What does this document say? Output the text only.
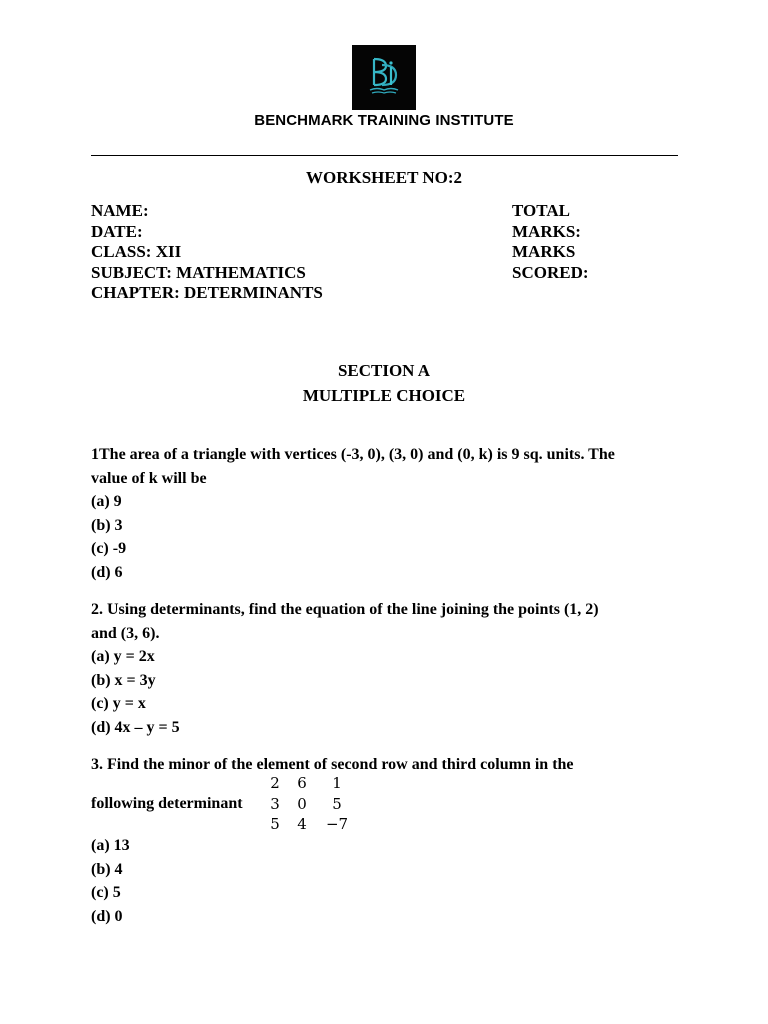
BENCHMARK TRAINING INSTITUTE
WORKSHEET NO:2
NAME:
DATE:
CLASS: XII
SUBJECT: MATHEMATICS
CHAPTER: DETERMINANTS
TOTAL
MARKS:
MARKS
SCORED:
SECTION A
MULTIPLE CHOICE
1The area of a triangle with vertices (-3, 0), (3, 0) and (0, k) is 9 sq. units. The
value of k will be
(a) 9
(b) 3
(c) -9
(d) 6
2. Using determinants, find the equation of the line joining the points (1, 2)
and (3, 6).
(a) y = 2x
(b) x = 3y
(c) y = x
(d) 4x – y = 5
3. Find the minor of the element of second row and third column in the
2	6	1
3	0	5
5	4	−7
following determinant
(a) 13
(b) 4
(c) 5
(d) 0
